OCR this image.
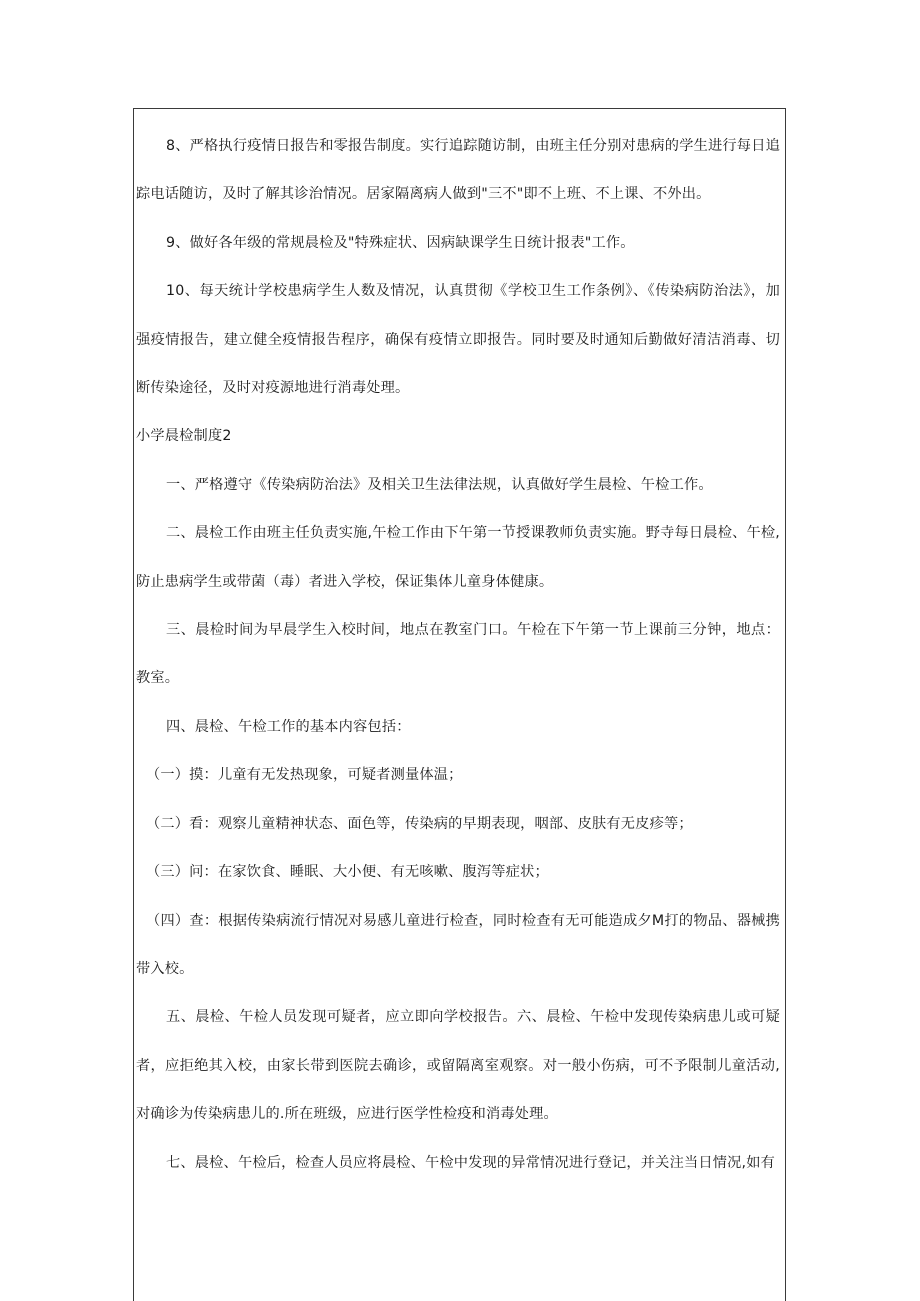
8、严格执行疫情日报告和零报告制度。实行追踪随访制，由班主任分别对患病的学生进行每日追踪电话随访，及时了解其诊治情况。居家隔离病人做到"三不"即不上班、不上课、不外出。

9、做好各年级的常规晨检及"特殊症状、因病缺课学生日统计报表"工作。

10、每天统计学校患病学生人数及情况，认真贯彻《学校卫生工作条例》、《传染病防治法》，加强疫情报告，建立健全疫情报告程序，确保有疫情立即报告。同时要及时通知后勤做好清洁消毒、切断传染途径，及时对疫源地进行消毒处理。

小学晨检制度2

一、严格遵守《传染病防治法》及相关卫生法律法规，认真做好学生晨检、午检工作。

二、晨检工作由班主任负责实施,午检工作由下午第一节授课教师负责实施。野寺每日晨检、午检,防止患病学生或带菌（毒）者进入学校，保证集体儿童身体健康。

三、晨检时间为早晨学生入校时间，地点在教室门口。午检在下午第一节上课前三分钟，地点：教室。

四、晨检、午检工作的基本内容包括：

（一）摸：儿童有无发热现象，可疑者测量体温；

（二）看：观察儿童精神状态、面色等，传染病的早期表现，咽部、皮肤有无皮疹等；

（三）问：在家饮食、睡眠、大小便、有无咳嗽、腹泻等症状；

（四）查：根据传染病流行情况对易感儿童进行检查，同时检查有无可能造成夕M打的物品、器械携带入校。

五、晨检、午检人员发现可疑者，应立即向学校报告。六、晨检、午检中发现传染病患儿或可疑者，应拒绝其入校，由家长带到医院去确诊，或留隔离室观察。对一般小伤病，可不予限制儿童活动,对确诊为传染病患儿的.所在班级，应进行医学性检疫和消毒处理。

七、晨检、午检后，检查人员应将晨检、午检中发现的异常情况进行登记，并关注当日情况,如有
